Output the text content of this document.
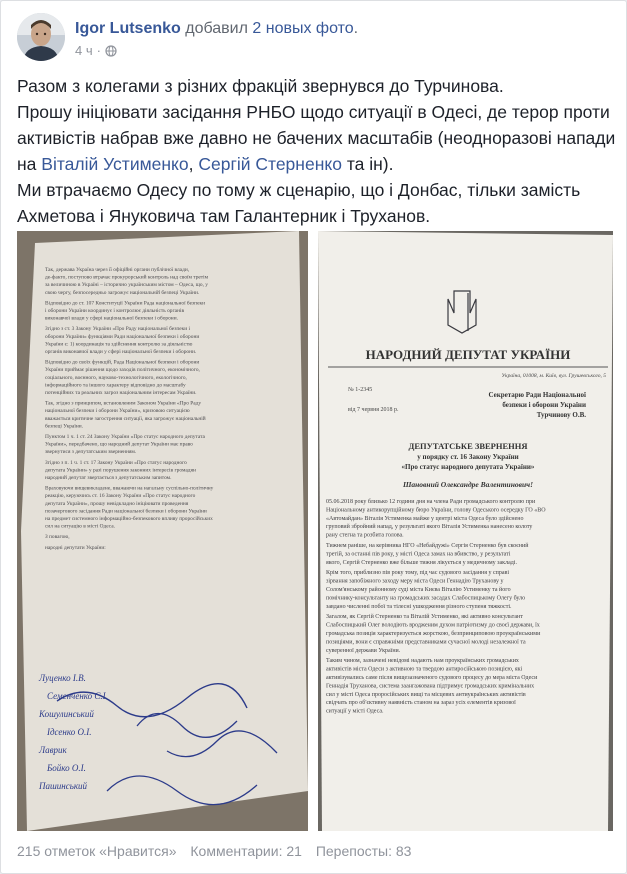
Igor Lutsenko добавил 2 новых фото.
4 ч ·

Разом з колегами з різних фракцій звернувся до Турчинова.

Прошу ініціювати засідання РНБО щодо ситуації в Одесі, де терор проти активістів набрав вже давно не бачених масштабів (неодноразові напади на Віталій Устименко, Сергій Стерненко та ін).

Ми втрачаємо Одесу по тому ж сценарію, що і Донбас, тільки замість Ахметова і Януковича там Галантерник і Труханов.

Так, держава Україна через її офіційні органи публічної влади,
де-факто, поступово втрачає прокурорський контроль над своїм третім
за величиною в Україні – історично українським містом – Одеса, що, у
свою чергу, безпосередньо загрожує національній безпеці України.
Відповідно до ст. 107 Конституції України Рада національної безпеки
і оборони України координує і контролює діяльність органів
виконавчої влади у сфері національної безпеки і оборони.
Згідно з ст. 3 Закону України «Про Раду національної безпеки і
оборони України» функціями Ради національної безпеки і оборони
України є: 1) координація та здійснення контролю за діяльністю
органів виконавчої влади у сфері національної безпеки і оборони.
Відповідно до своїх функцій, Рада Національної безпеки і оборони
України приймає рішення щодо заходів політичного, економічного,
соціального, воєнного, науково-технологічного, екологічного,
інформаційного та іншого характеру відповідно до масштабу
потенційних та реальних загроз національним інтересам України.
Так, згідно з принципом, встановленим Законом України «Про Раду
національної безпеки і оборони України», кризовою ситуацією
вважається критичне загострення ситуації, яка загрожує національній
безпеці України.
Пунктом 1 ч. 1 ст. 24 Закону України «Про статус народного депутата
України», передбачено, що народний депутат України має право
звернутися з депутатським зверненням.
Згідно з п. 1 ч. 1 ст. 17 Закону України «Про статус народного
депутата України» у разі порушення законних інтересів громадян
народний депутат звертається з депутатським запитом.
Враховуючи вищевикладене, вважаючи на нагальну суспільно-політичну
реакцію, керуючись ст. 16 Закону України «Про статус народного
депутата України», прошу невідкладно ініціювати проведення
позачергового засідання Ради національної безпеки і оборони України
на предмет системного інформаційно-безпекового впливу проросійських
сил на ситуацію в місті Одеса.
З повагою,
народні депутати України:
Луценко І.В.
Семенченко С.І.
Кошулинський
Ідсенко О.І.
Лаврик
Бойко О.І.
Пашинський
НАРОДНИЙ ДЕПУТАТ УКРАЇНИ
Україна, 01008, м. Київ, вул. Грушевського, 5
№ 1-2345
від 7 червня 2018 р.
Секретарю Ради Національної
безпеки і оборони України
Турчинову О.В.
ДЕПУТАТСЬКЕ ЗВЕРНЕННЯ
у порядку ст. 16 Закону України
«Про статус народного депутата України»
Шановний Олександре Валентинович!
05.06.2018 року близько 12 години дня на члена Ради громадського контролю при
Національному антикорупційному бюро України, голову Одеського осередку ГО «ВО
«Автомайдан» Віталія Устименка майже у центрі міста Одеса було здійснено
груповий збройний напад, у результаті якого Віталія Устименка нанесено колоту
рану стегна та розбита голова.
Тижнем раніше, на керівника НГО «Небайдужі» Сергія Стерненко був скоєний
третій, за останні пів року, у місті Одеса замах на вбивство, у результаті
якого, Сергій Стерненко вже більше тижня лікується у медичному закладі.
Крім того, приблизно пів року тому, під час судового засідання у справі
зірвання запобіжного заходу меру міста Одеси Геннадію Труханову у
Солом'янському районному суді міста Києва Віталію Устименку та його
помічнику-консультанту на громадських засадах Слабоспицькому Олегу було
завдано численні побої та тілесні ушкодження різного ступеня тяжкості.
Загалом, як Сергій Стерненко та Віталій Устименко, які активно консультант
Слабоспицький Олег володіють вродженим духом патріотизму до своєї держави, їх
громадська позиція характеризується жорсткою, безпринциповою проукраїнськими
позиціями, вони є справжніми представниками сучасної молоді незалежної та
суверенної держави України.
Таким чином, зазначені невідомі надають нам проукраїнських громадських
активістів міста Одеси з активною та твердою антиросійською позицією, які
активізувались саме після вищезазначеного судового процесу до мера міста Одеси
Геннадія Труханова, система заангажована підтримує громадських кримінальних
сил у місті Одеса проросійських вищі та місцевих антиукраїнських активістів
свідчать про об'єктивну наявність станом на зараз усіх елементів кризової
ситуації у місті Одеса.
215 отметок «Нравится» Комментарии: 21 Перепосты: 83
